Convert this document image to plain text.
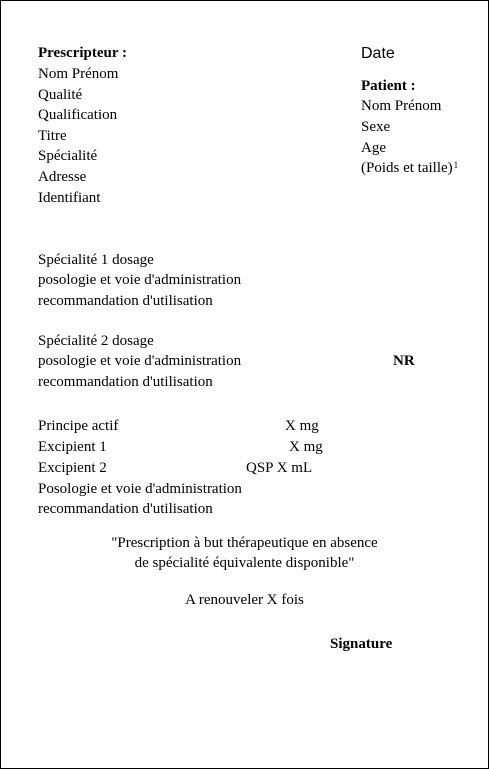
Prescripteur :
Nom Prénom
Qualité
Qualification
Titre
Spécialité
Adresse
Identifiant
Date
Patient :
Nom Prénom
Sexe
Age
(Poids et taille)$^1$
Spécialité 1 dosage
posologie et voie d'administration
recommandation d'utilisation
Spécialité 2 dosage
posologie et voie d'administration
recommandation d'utilisation
NR
Principe actif	X mg
Excipient 1	X mg
Excipient 2	QSP X mL
Posologie et voie d'administration
recommandation d'utilisation
"Prescription à but thérapeutique en absence
de spécialité équivalente disponible"
A renouveler X fois
Signature
